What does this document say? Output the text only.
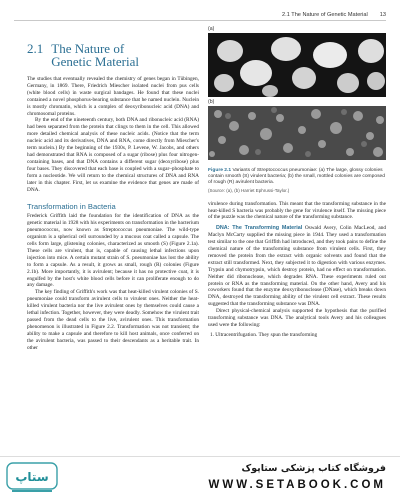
2.1 The Nature of Genetic Material 13
2.1 The Nature of Genetic Material

The studies that eventually revealed the chemistry of genes began in Tübingen, Germany, in 1869. There, Friedrich Miescher isolated nuclei from pus cells (white blood cells) in waste surgical bandages. He found that these nuclei contained a novel phosphorus-bearing substance that he named nuclein. Nuclein is mostly chromatin, which is a complex of deoxyribonucleic acid (DNA) and chromosomal proteins.

By the end of the nineteenth century, both DNA and ribonucleic acid (RNA) had been separated from the protein that clings to them in the cell. This allowed more detailed chemical analysis of these nucleic acids. (Notice that the term nucleic acid and its derivatives, DNA and RNA, come directly from Miescher's term nuclein.) By the beginning of the 1930s, P. Levene, W. Jacobs, and others had demonstrated that RNA is composed of a sugar (ribose) plus four nitrogen-containing bases, and that DNA contains a different sugar (deoxyribose) plus four bases. They discovered that each base is coupled with a sugar–phosphate to form a nucleotide. We will return to the chemical structures of DNA and RNA later in this chapter. First, let us examine the evidence that genes are made of DNA.

Transformation in Bacteria

Frederick Griffith laid the foundation for the identification of DNA as the genetic material in 1928 with his experiments on transformation in the bacterium pneumococcus, now known as Streptococcus pneumoniae. The wild-type organism is a spherical cell surrounded by a mucous coat called a capsule. The cells form large, glistening colonies, characterized as smooth (S) (Figure 2.1a). These cells are virulent, that is, capable of causing lethal infections upon injection into mice. A certain mutant strain of S. pneumoniae has lost the ability to form a capsule. As a result, it grows as small, rough (R) colonies (Figure 2.1b). More importantly, it is avirulent; because it has no protective coat, it is engulfed by the host's white blood cells before it can proliferate enough to do any damage.

The key finding of Griffith's work was that heat-killed virulent colonies of S. pneumoniae could transform avirulent cells to virulent ones. Neither the heat-killed virulent bacteria nor the live avirulent ones by themselves could cause a lethal infection. Together, however, they were deadly. Somehow the virulent trait passed from the dead cells to the live, avirulent ones. This transformation phenomenon is illustrated in Figure 2.2. Transformation was not transient; the ability to make a capsule and therefore to kill host animals, once conferred on the avirulent bacteria, was passed to their descendants as a heritable trait. In other

(a)
(b)
Figure 2.1 Variants of Streptococcus pneumoniae: (a) The large, glossy colonies contain smooth (S) virulent bacteria; (b) the small, mottled colonies are composed of rough (R) avirulent bacteria.
(Source: (a), (b) Harriet Ephrussi-Taylor.)

virulence during transformation. This meant that the transforming substance in the heat-killed S bacteria was probably the gene for virulence itself. The missing piece of the puzzle was the chemical nature of the transforming substance.

DNA: The Transforming Material Oswald Avery, Colin MacLeod, and Maclyn McCarty supplied the missing piece in 1944. They used a transformation test similar to the one that Griffith had introduced, and they took pains to define the chemical nature of the transforming substance from virulent cells. First, they removed the protein from the extract with organic solvents and found that the extract still transformed. Next, they subjected it to digestion with various enzymes. Trypsin and chymotrypsin, which destroy protein, had no effect on transformation. Neither did ribonuclease, which degrades RNA. These experiments ruled out protein or RNA as the transforming material. On the other hand, Avery and his coworkers found that the enzyme deoxyribonuclease (DNase), which breaks down DNA, destroyed the transforming ability of the virulent cell extract. These results suggested that the transforming substance was DNA.

Direct physical-chemical analysis supported the hypothesis that the purified transforming substance was DNA. The analytical tools Avery and his colleagues used were the following:

1. Ultracentrifugation. They spun the transforming
ستاپ
فروشگاه کتاب پزشکی ستاپوک
WWW.SETABOOK.COM
